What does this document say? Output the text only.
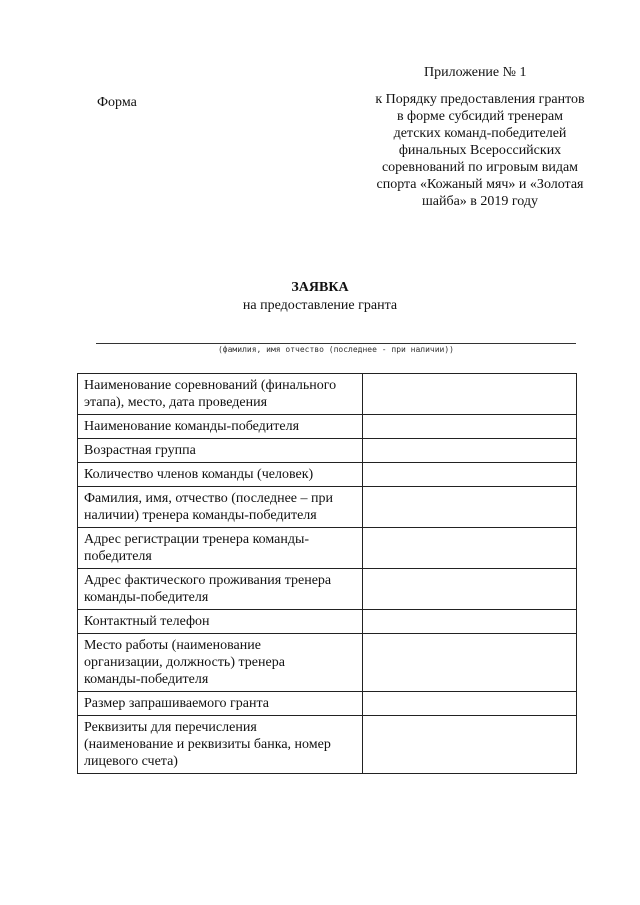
Приложение № 1
Форма	к Порядку предоставления грантов
в форме субсидий тренерам
детских команд-победителей
финальных Всероссийских
соревнований по игровым видам
спорта «Кожаный мяч» и «Золотая
шайба» в 2019 году
ЗАЯВКА
на предоставление гранта
(фамилия, имя отчество (последнее - при наличии))
Наименование соревнований (финального
этапа), место, дата проведения	

Наименование команды-победителя	

Возрастная группа	

Количество членов команды (человек)	

Фамилия, имя, отчество (последнее – при
наличии) тренера команды-победителя	

Адрес регистрации тренера команды-
победителя	

Адрес фактического проживания тренера
команды-победителя	

Контактный телефон	

Место работы (наименование
организации, должность) тренера
команды-победителя	

Размер запрашиваемого гранта	

Реквизиты для перечисления
(наименование и реквизиты банка, номер
лицевого счета)	
